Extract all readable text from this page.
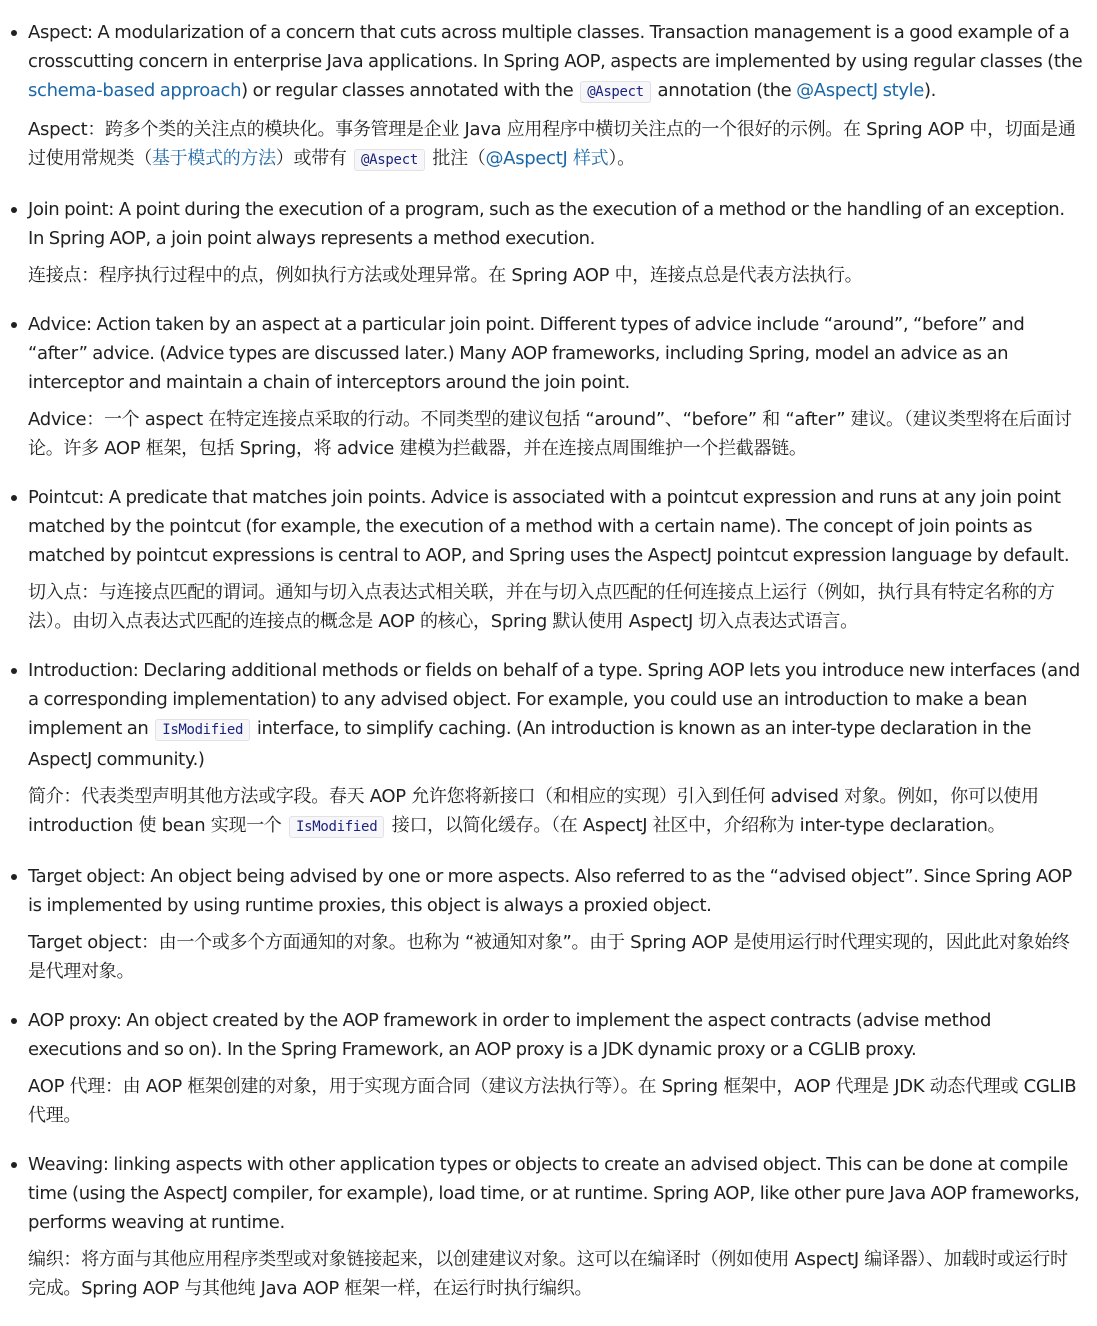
Aspect: A modularization of a concern that cuts across multiple classes. Transaction management is a good example of a crosscutting concern in enterprise Java applications. In Spring AOP, aspects are implemented by using regular classes (the schema-based approach) or regular classes annotated with the @Aspect annotation (the @AspectJ style).

Aspect：跨多个类的关注点的模块化。事务管理是企业 Java 应用程序中横切关注点的一个很好的示例。在 Spring AOP 中，切面是通过使用常规类（基于模式的方法）或带有 @Aspect 批注（@AspectJ 样式）。

Join point: A point during the execution of a program, such as the execution of a method or the handling of an exception. In Spring AOP, a join point always represents a method execution.

连接点：程序执行过程中的点，例如执行方法或处理异常。在 Spring AOP 中，连接点总是代表方法执行。

Advice: Action taken by an aspect at a particular join point. Different types of advice include “around”, “before” and “after” advice. (Advice types are discussed later.) Many AOP frameworks, including Spring, model an advice as an interceptor and maintain a chain of interceptors around the join point.

Advice：一个 aspect 在特定连接点采取的行动。不同类型的建议包括 “around”、“before” 和 “after” 建议。（建议类型将在后面讨论。许多 AOP 框架，包括 Spring，将 advice 建模为拦截器，并在连接点周围维护一个拦截器链。

Pointcut: A predicate that matches join points. Advice is associated with a pointcut expression and runs at any join point matched by the pointcut (for example, the execution of a method with a certain name). The concept of join points as matched by pointcut expressions is central to AOP, and Spring uses the AspectJ pointcut expression language by default.

切入点：与连接点匹配的谓词。通知与切入点表达式相关联，并在与切入点匹配的任何连接点上运行（例如，执行具有特定名称的方法）。由切入点表达式匹配的连接点的概念是 AOP 的核心，Spring 默认使用 AspectJ 切入点表达式语言。

Introduction: Declaring additional methods or fields on behalf of a type. Spring AOP lets you introduce new interfaces (and a corresponding implementation) to any advised object. For example, you could use an introduction to make a bean implement an IsModified interface, to simplify caching. (An introduction is known as an inter-type declaration in the AspectJ community.)

简介：代表类型声明其他方法或字段。春天 AOP 允许您将新接口（和相应的实现）引入到任何 advised 对象。例如，你可以使用 introduction 使 bean 实现一个 IsModified 接口，以简化缓存。（在 AspectJ 社区中，介绍称为 inter-type declaration。

Target object: An object being advised by one or more aspects. Also referred to as the “advised object”. Since Spring AOP is implemented by using runtime proxies, this object is always a proxied object.

Target object：由一个或多个方面通知的对象。也称为 “被通知对象”。由于 Spring AOP 是使用运行时代理实现的，因此此对象始终是代理对象。

AOP proxy: An object created by the AOP framework in order to implement the aspect contracts (advise method executions and so on). In the Spring Framework, an AOP proxy is a JDK dynamic proxy or a CGLIB proxy.

AOP 代理：由 AOP 框架创建的对象，用于实现方面合同（建议方法执行等）。在 Spring 框架中，AOP 代理是 JDK 动态代理或 CGLIB 代理。

Weaving: linking aspects with other application types or objects to create an advised object. This can be done at compile time (using the AspectJ compiler, for example), load time, or at runtime. Spring AOP, like other pure Java AOP frameworks, performs weaving at runtime.

编织：将方面与其他应用程序类型或对象链接起来，以创建建议对象。这可以在编译时（例如使用 AspectJ 编译器）、加载时或运行时完成。Spring AOP 与其他纯 Java AOP 框架一样，在运行时执行编织。
